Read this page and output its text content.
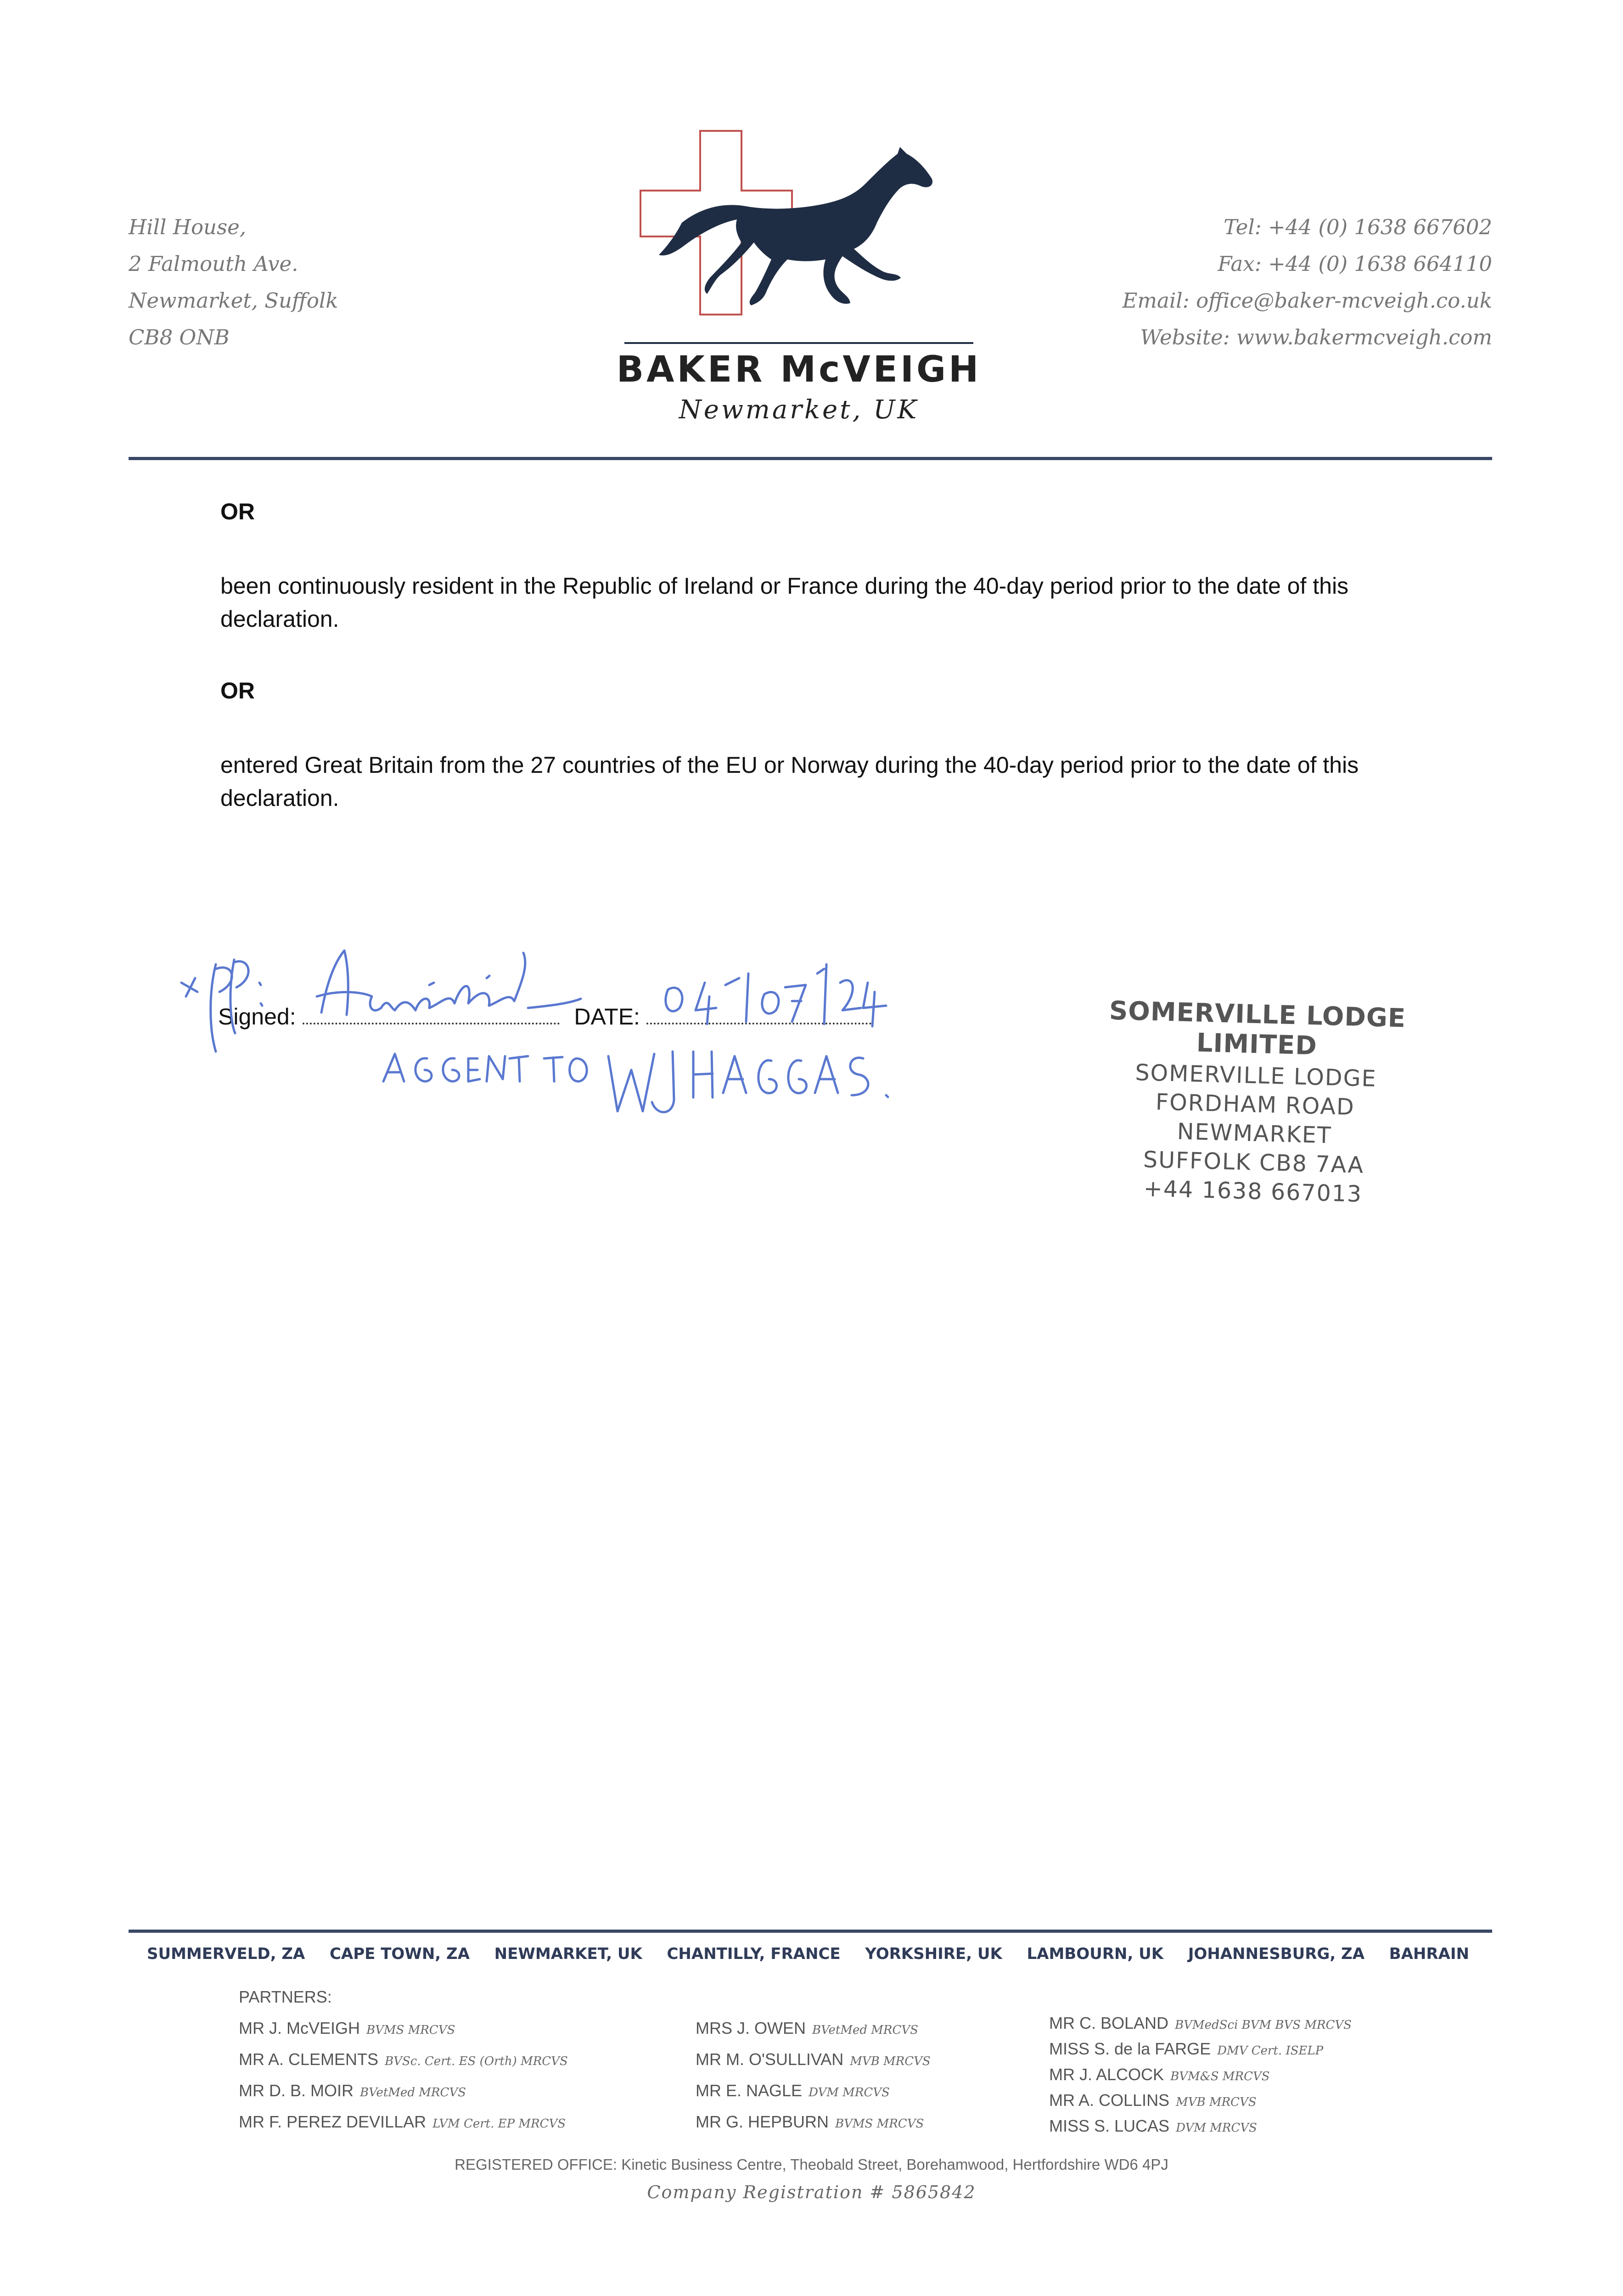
Hill House,
2 Falmouth Ave.
Newmarket, Suffolk
CB8 ONB
BAKER McVEIGH
Newmarket, UK
Tel: +44 (0) 1638 667602
Fax: +44 (0) 1638 664110
Email: office@baker-mcveigh.co.uk
Website: www.bakermcveigh.com
OR
been continuously resident in the Republic of Ireland or France during the 40-day period prior to the date of this declaration.
OR
entered Great Britain from the 27 countries of the EU or Norway during the 40-day period prior to the date of this declaration.
Signed:	DATE:	SOMERVILLE LODGE LIMITED
SOMERVILLE LODGE
FORDHAM ROAD
NEWMARKET
SUFFOLK CB8 7AA
+44 1638 667013
SUMMERVELD, ZA CAPE TOWN, ZA NEWMARKET, UK CHANTILLY, FRANCE YORKSHIRE, UK LAMBOURN, UK JOHANNESBURG, ZA BAHRAIN
PARTNERS:
MR J. McVEIGH BVMS MRCVS
MR A. CLEMENTS BVSc. Cert. ES (Orth) MRCVS
MR D. B. MOIR BVetMed MRCVS
MR F. PEREZ DEVILLAR LVM Cert. EP MRCVS
MRS J. OWEN BVetMed MRCVS
MR M. O'SULLIVAN MVB MRCVS
MR E. NAGLE DVM MRCVS
MR G. HEPBURN BVMS MRCVS
MR C. BOLAND BVMedSci BVM BVS MRCVS
MISS S. de la FARGE DMV Cert. ISELP
MR J. ALCOCK BVM&S MRCVS
MR A. COLLINS MVB MRCVS
MISS S. LUCAS DVM MRCVS
REGISTERED OFFICE: Kinetic Business Centre, Theobald Street, Borehamwood, Hertfordshire WD6 4PJ
Company Registration # 5865842
